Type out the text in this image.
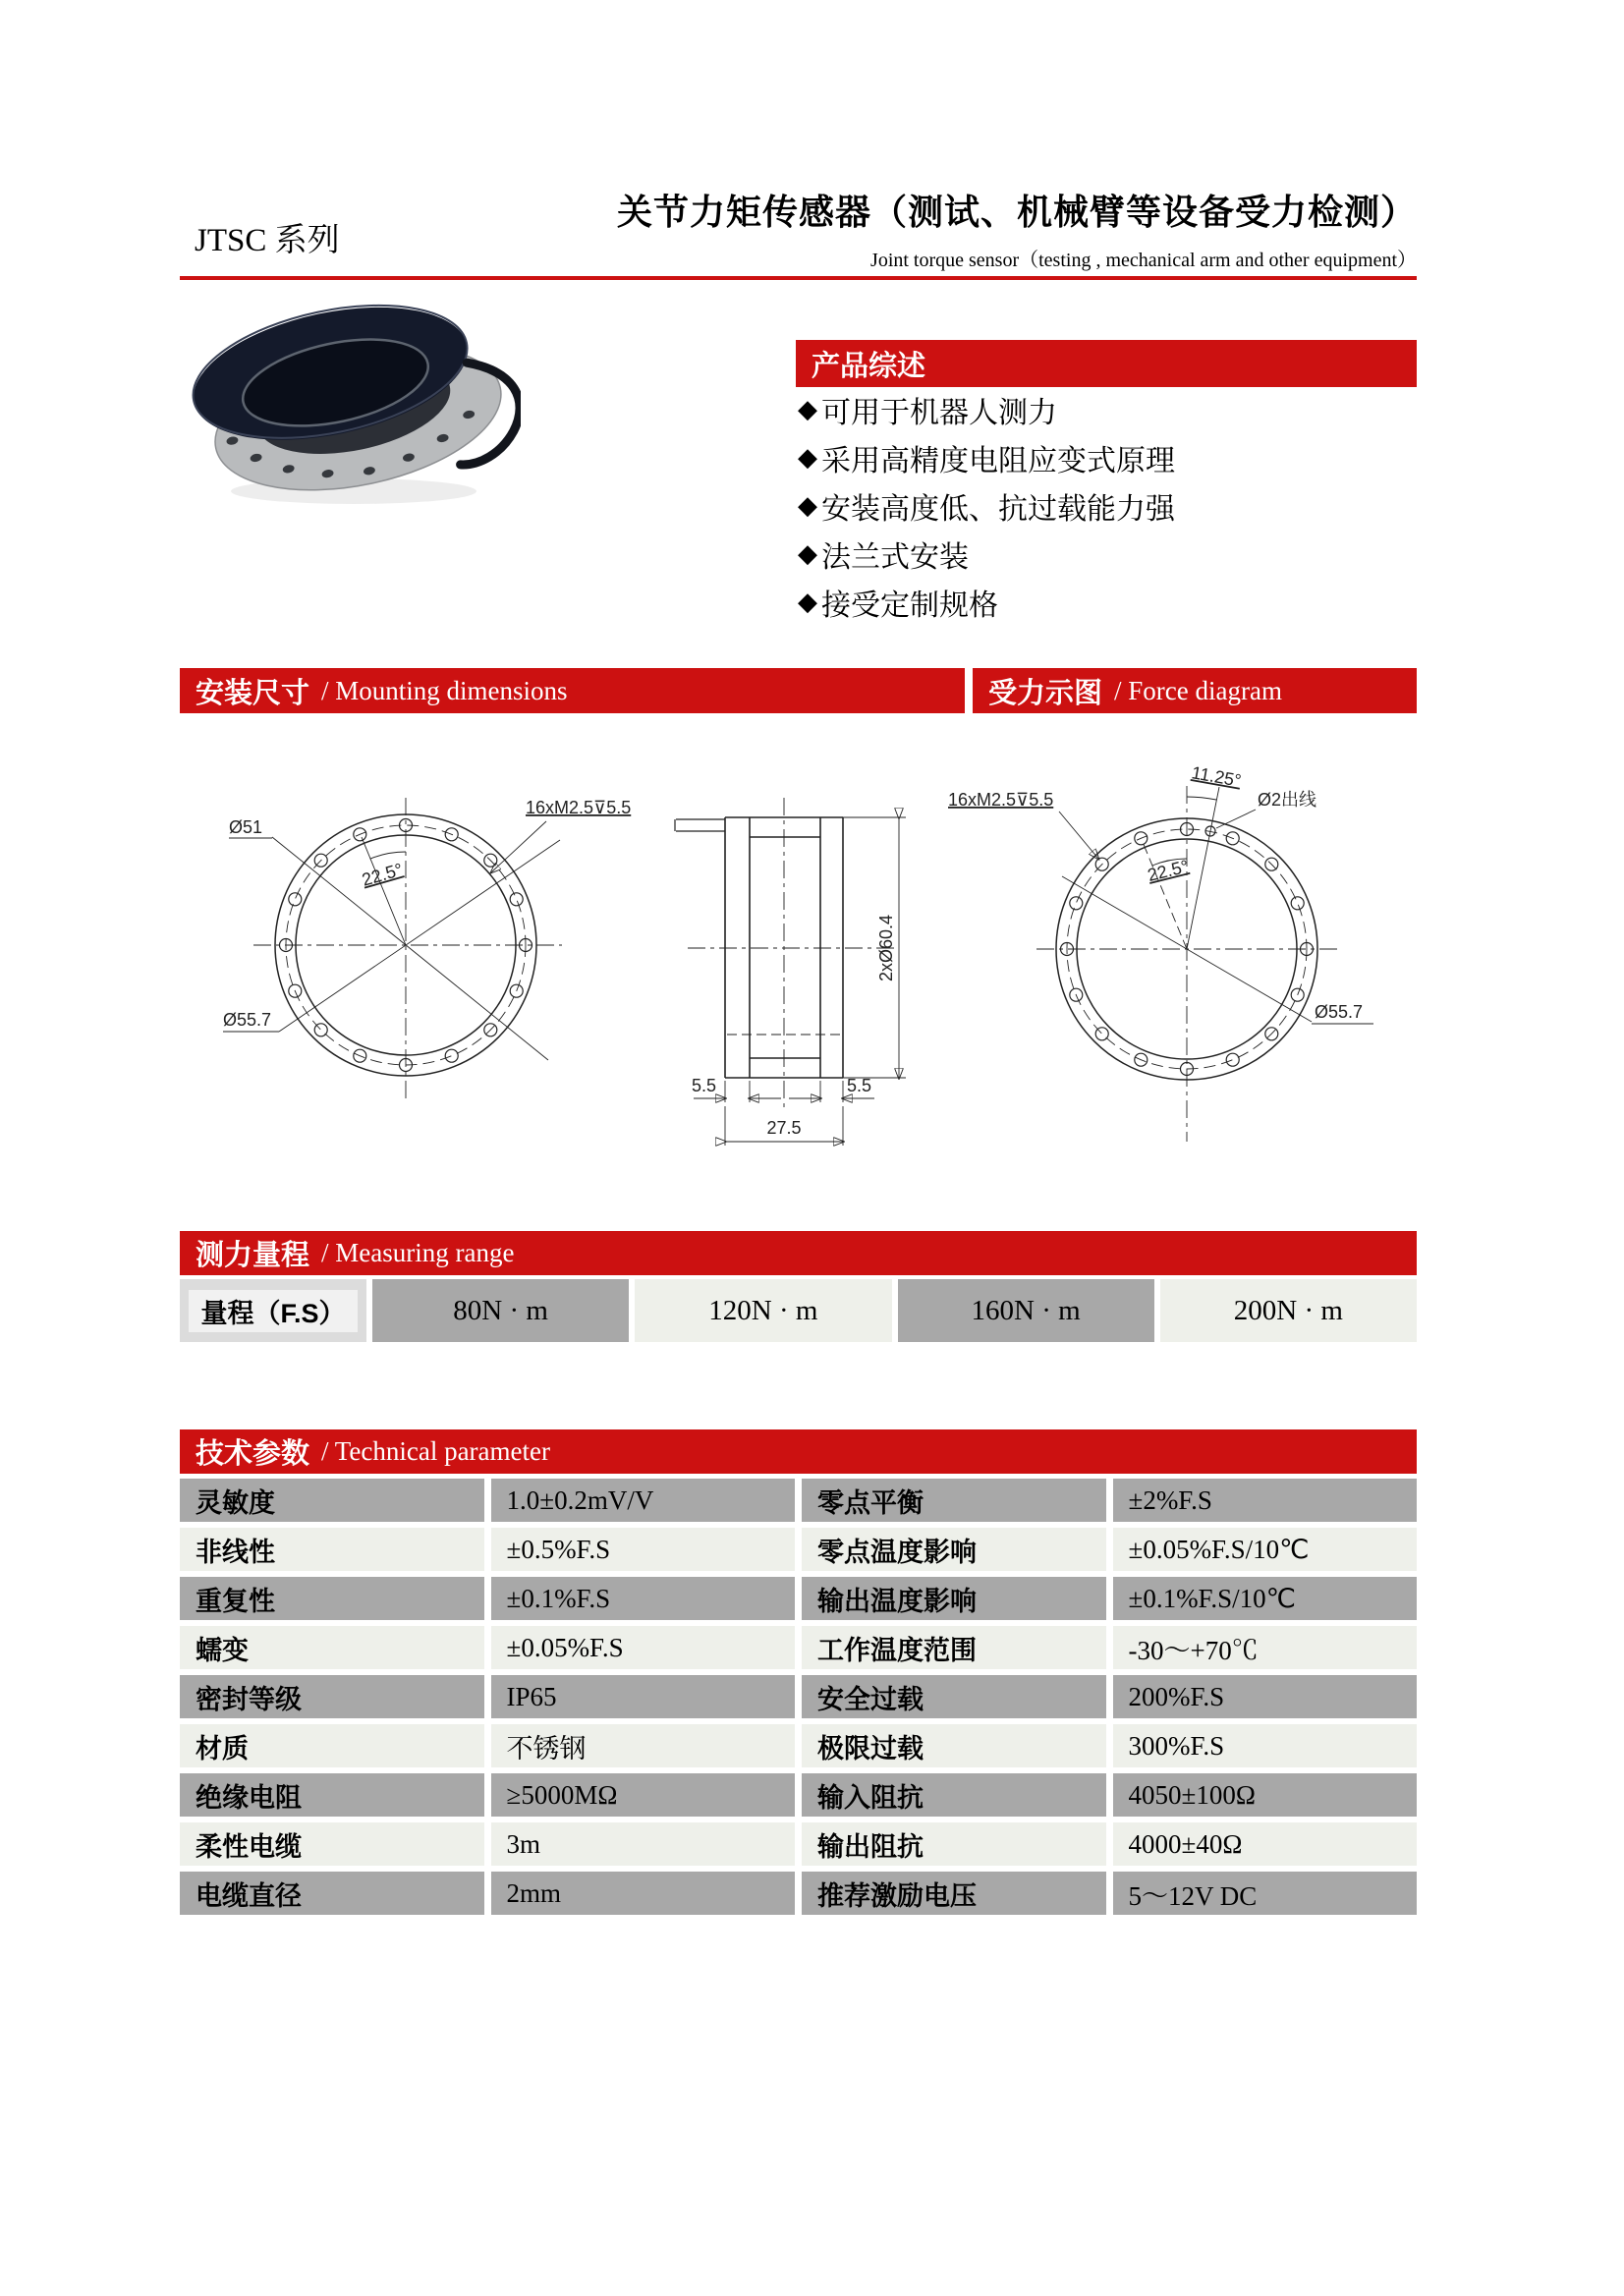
JTSC 系列
关节力矩传感器（测试、机械臂等设备受力检测）
Joint torque sensor（testing , mechanical arm and other equipment）
产品综述
◆ 可用于机器人测力
◆ 采用高精度电阻应变式原理
◆ 安装高度低、抗过载能力强
◆ 法兰式安装
◆ 接受定制规格
安装尺寸 / Mounting dimensions	受力示图 / Force diagram
Ø51
Ø55.7
22.5°
16xM2.5⊽5.5
5.5	5.5
27.5
2xØ60.4
11.25°
Ø2出线
16xM2.5⊽5.5
22.5°
Ø55.7
测力量程 / Measuring range
量程（F.S）	80N · m	120N · m	160N · m	200N · m
技术参数 / Technical parameter
灵敏度	1.0±0.2mV/V	零点平衡	±2%F.S
非线性	±0.5%F.S	零点温度影响	±0.05%F.S/10℃
重复性	±0.1%F.S	输出温度影响	±0.1%F.S/10℃
蠕变	±0.05%F.S	工作温度范围	-30～+70℃
密封等级	IP65	安全过载	200%F.S
材质	不锈钢	极限过载	300%F.S
绝缘电阻	≥5000MΩ	输入阻抗	4050±100Ω
柔性电缆	3m	输出阻抗	4000±40Ω
电缆直径	2mm	推荐激励电压	5～12V DC
